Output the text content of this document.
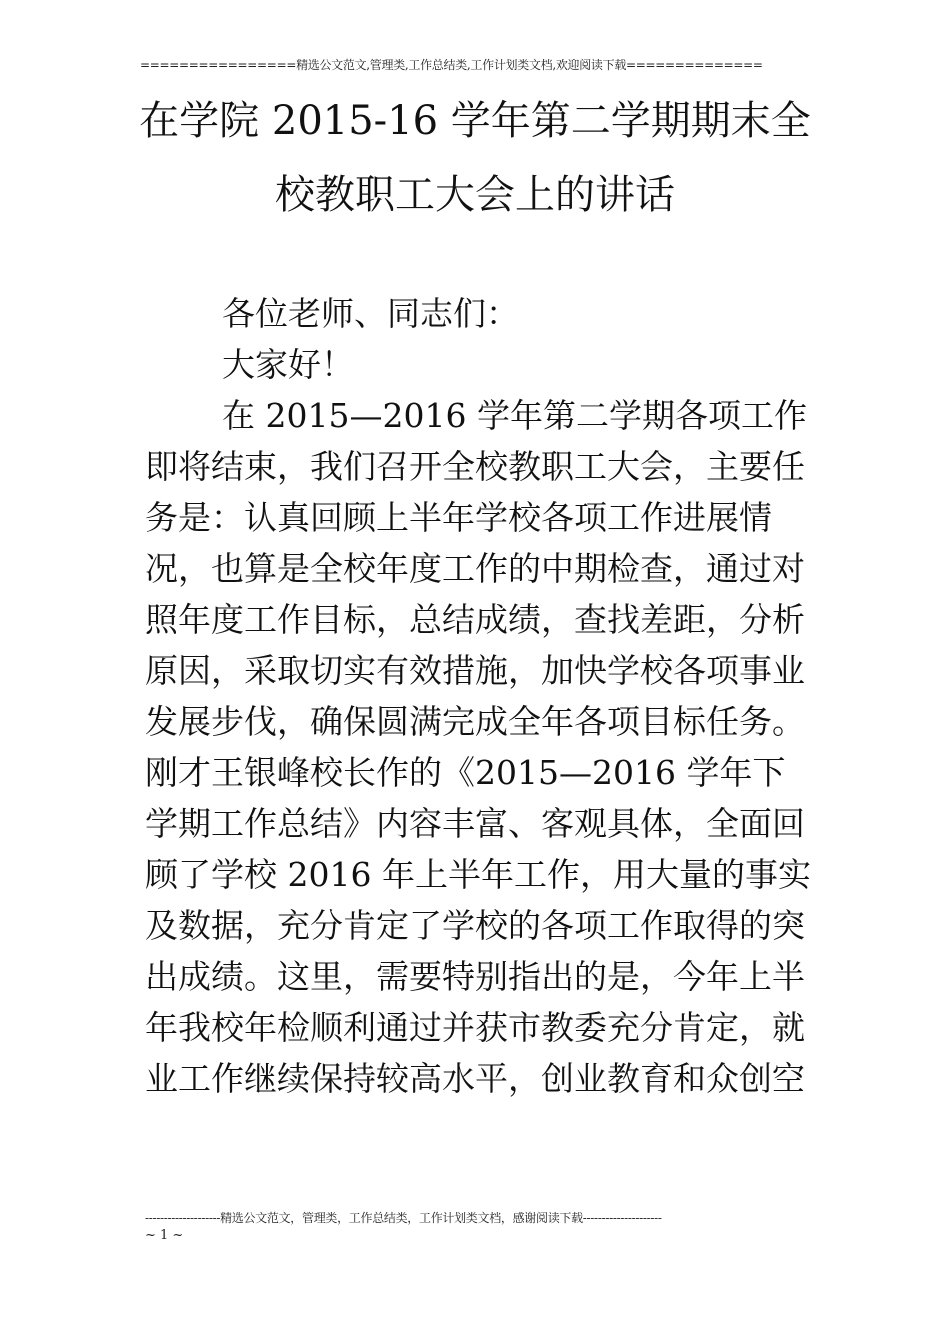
================精选公文范文,管理类,工作总结类,工作计划类文档,欢迎阅读下载==============
在学院 2015-16 学年第二学期期末全
校教职工大会上的讲话

各位老师、同志们：

大家好！

在 2015—2016 学年第二学期各项工作即将结束，我们召开全校教职工大会，主要任务是：认真回顾上半年学校各项工作进展情况，也算是全校年度工作的中期检查，通过对照年度工作目标，总结成绩，查找差距，分析原因，采取切实有效措施，加快学校各项事业发展步伐，确保圆满完成全年各项目标任务。刚才王银峰校长作的《2015—2016 学年下学期工作总结》内容丰富、客观具体，全面回顾了学校 2016 年上半年工作，用大量的事实及数据，充分肯定了学校的各项工作取得的突出成绩。这里，需要特别指出的是，今年上半年我校年检顺利通过并获市教委充分肯定，就业工作继续保持较高水平，创业教育和众创空

--------------------精选公文范文，管理类，工作总结类，工作计划类文档，感谢阅读下载---------------------
~ 1 ~
